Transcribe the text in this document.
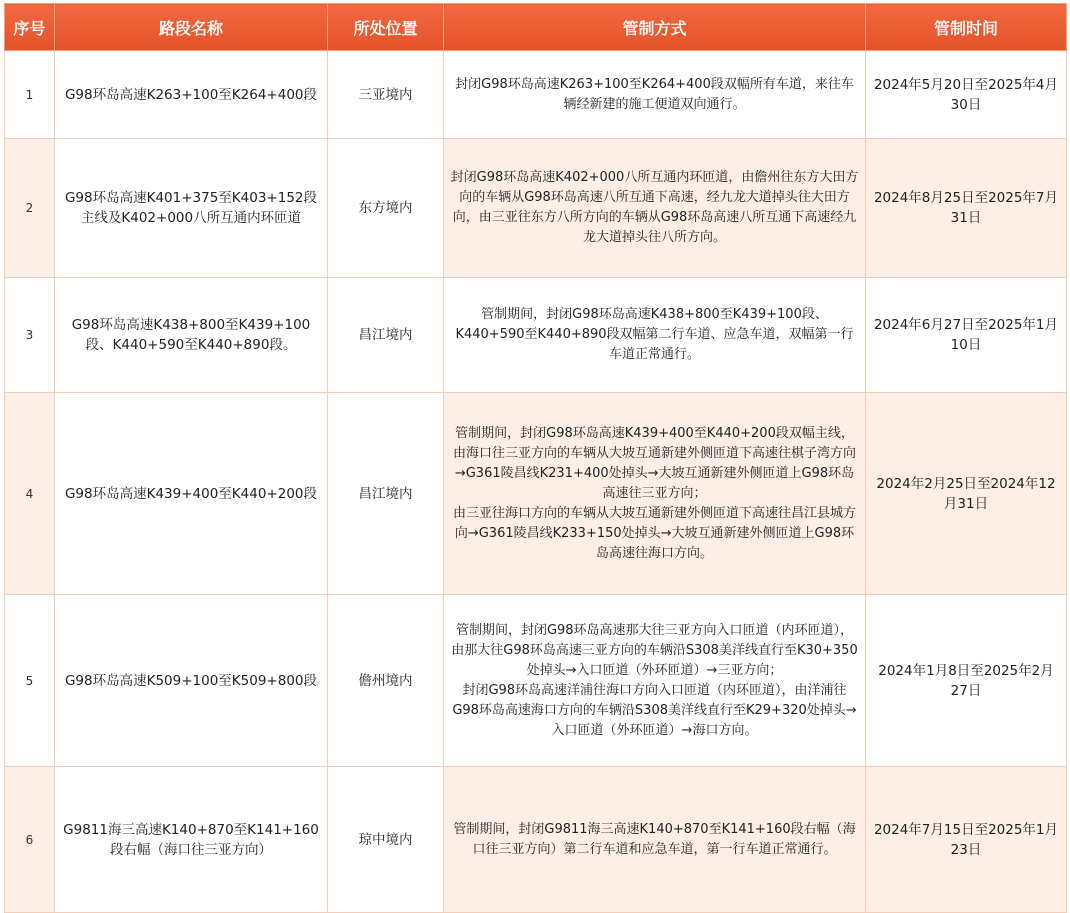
序号	路段名称	所处位置	管制方式	管制时间
1	G98环岛高速K263+100至K264+400段	三亚境内	封闭G98环岛高速K263+100至K264+400段双幅所有车道，来往车辆经新建的施工便道双向通行。	2024年5月20日至2025年4月30日
2	G98环岛高速K401+375至K403+152段主线及K402+000八所互通内环匝道	东方境内	封闭G98环岛高速K402+000八所互通内环匝道，由儋州往东方大田方向的车辆从G98环岛高速八所互通下高速，经九龙大道掉头往大田方向，由三亚往东方八所方向的车辆从G98环岛高速八所互通下高速经九龙大道掉头往八所方向。	2024年8月25日至2025年7月31日
3	G98环岛高速K438+800至K439+100段、K440+590至K440+890段。	昌江境内	管制期间，封闭G98环岛高速K438+800至K439+100段、K440+590至K440+890段双幅第二行车道、应急车道，双幅第一行车道正常通行。	2024年6月27日至2025年1月10日
4	G98环岛高速K439+400至K440+200段	昌江境内	管制期间，封闭G98环岛高速K439+400至K440+200段双幅主线，由海口往三亚方向的车辆从大坡互通新建外侧匝道下高速往棋子湾方向→G361陵昌线K231+400处掉头→大坡互通新建外侧匝道上G98环岛高速往三亚方向；
由三亚往海口方向的车辆从大坡互通新建外侧匝道下高速往昌江县城方向→G361陵昌线K233+150处掉头→大坡互通新建外侧匝道上G98环岛高速往海口方向。	2024年2月25日至2024年12月31日
5	G98环岛高速K509+100至K509+800段	儋州境内	管制期间，封闭G98环岛高速那大往三亚方向入口匝道（内环匝道），由那大往G98环岛高速三亚方向的车辆沿S308美洋线直行至K30+350处掉头→入口匝道（外环匝道）→三亚方向；
封闭G98环岛高速洋浦往海口方向入口匝道（内环匝道），由洋浦往G98环岛高速海口方向的车辆沿S308美洋线直行至K29+320处掉头→入口匝道（外环匝道）→海口方向。	2024年1月8日至2025年2月27日
6	G9811海三高速K140+870至K141+160段右幅（海口往三亚方向）	琼中境内	管制期间，封闭G9811海三高速K140+870至K141+160段右幅（海口往三亚方向）第二行车道和应急车道，第一行车道正常通行。	2024年7月15日至2025年1月23日
